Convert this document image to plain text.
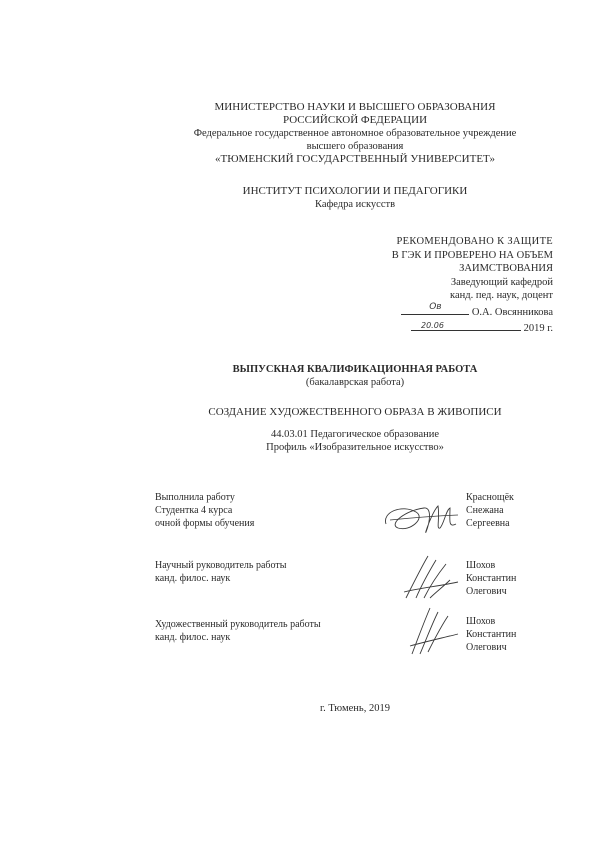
МИНИСТЕРСТВО НАУКИ И ВЫСШЕГО ОБРАЗОВАНИЯ
РОССИЙСКОЙ ФЕДЕРАЦИИ
Федеральное государственное автономное образовательное учреждение
высшего образования
«ТЮМЕНСКИЙ ГОСУДАРСТВЕННЫЙ УНИВЕРСИТЕТ»
ИНСТИТУТ ПСИХОЛОГИИ И ПЕДАГОГИКИ
Кафедра искусств
РЕКОМЕНДОВАНО К ЗАЩИТЕ
В ГЭК И ПРОВЕРЕНО НА ОБЪЕМ
ЗАИМСТВОВАНИЯ
Заведующий кафедрой
канд. пед. наук, доцент
Ов	О.А. Овсянникова
20.06	2019 г.
ВЫПУСКНАЯ КВАЛИФИКАЦИОННАЯ РАБОТА
(бакалаврская работа)
СОЗДАНИЕ ХУДОЖЕСТВЕННОГО ОБРАЗА В ЖИВОПИСИ
44.03.01 Педагогическое образование
Профиль «Изобразительное искусство»
Выполнила работу
Студентка 4 курса
очной формы обучения
Краснощёк
Снежана
Сергеевна
Научный руководитель работы
канд. филос. наук
Шохов
Константин
Олегович
Художественный руководитель работы
канд. филос. наук
Шохов
Константин
Олегович
г. Тюмень, 2019
